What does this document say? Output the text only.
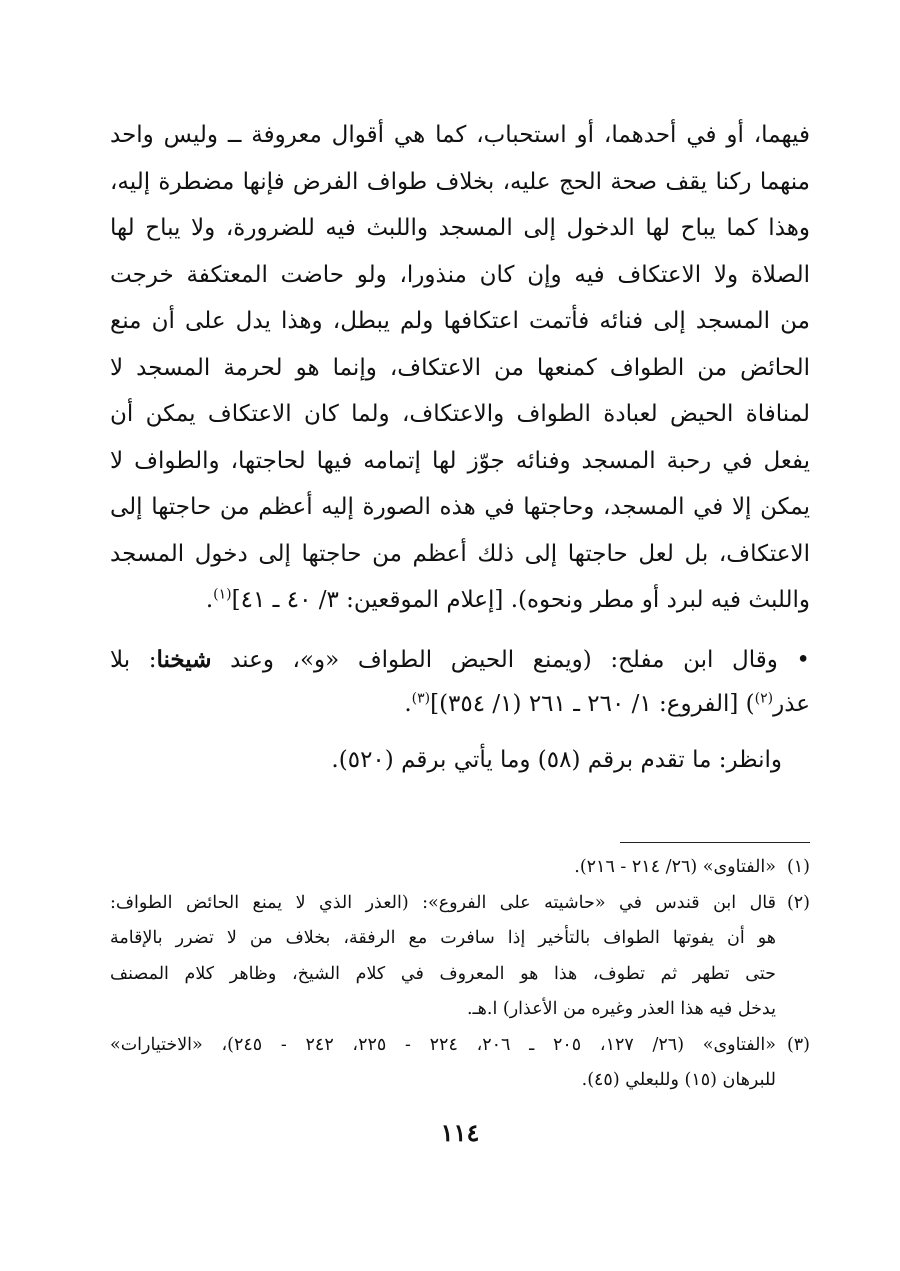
فيهما، أو في أحدهما، أو استحباب، كما هي أقوال معروفة ــ وليس واحد
منهما ركنا يقف صحة الحج عليه، بخلاف طواف الفرض فإنها مضطرة إليه،
وهذا كما يباح لها الدخول إلى المسجد واللبث فيه للضرورة، ولا يباح لها
الصلاة ولا الاعتكاف فيه وإن كان منذورا، ولو حاضت المعتكفة خرجت
من المسجد إلى فنائه فأتمت اعتكافها ولم يبطل، وهذا يدل على أن منع
الحائض من الطواف كمنعها من الاعتكاف، وإنما هو لحرمة المسجد لا
لمنافاة الحيض لعبادة الطواف والاعتكاف، ولما كان الاعتكاف يمكن أن
يفعل في رحبة المسجد وفنائه جوّز لها إتمامه فيها لحاجتها، والطواف لا
يمكن إلا في المسجد، وحاجتها في هذه الصورة إليه أعظم من حاجتها إلى
الاعتكاف، بل لعل حاجتها إلى ذلك أعظم من حاجتها إلى دخول المسجد
واللبث فيه لبرد أو مطر ونحوه). [إعلام الموقعين: ٣/ ٤٠ ـ ٤١]$^{(١)}$.
• وقال ابن مفلح: (ويمنع الحيض الطواف «و»، وعند شيخنا: بلا
عذر$^{(٢)}$) [الفروع: ١/ ٢٦٠ ـ ٢٦١ (١/ ٣٥٤)]$^{(٣)}$.
وانظر: ما تقدم برقم (٥٨) وما يأتي برقم (٥٢٠).
(١)
«الفتاوى» (٢٦/ ٢١٤ - ٢١٦).
(٢)
قال ابن قندس في «حاشيته على الفروع»: (العذر الذي لا يمنع الحائض الطواف:
هو أن يفوتها الطواف بالتأخير إذا سافرت مع الرفقة، بخلاف من لا تضرر بالإقامة
حتى تطهر ثم تطوف، هذا هو المعروف في كلام الشيخ، وظاهر كلام المصنف
يدخل فيه هذا العذر وغيره من الأعذار) ا.هـ.
(٣)
«الفتاوى» (٢٦/ ١٢٧، ٢٠٥ ـ ٢٠٦، ٢٢٤ - ٢٢٥، ٢٤٢ - ٢٤٥)، «الاختيارات»
للبرهان (١٥) وللبعلي (٤٥).
١١٤
